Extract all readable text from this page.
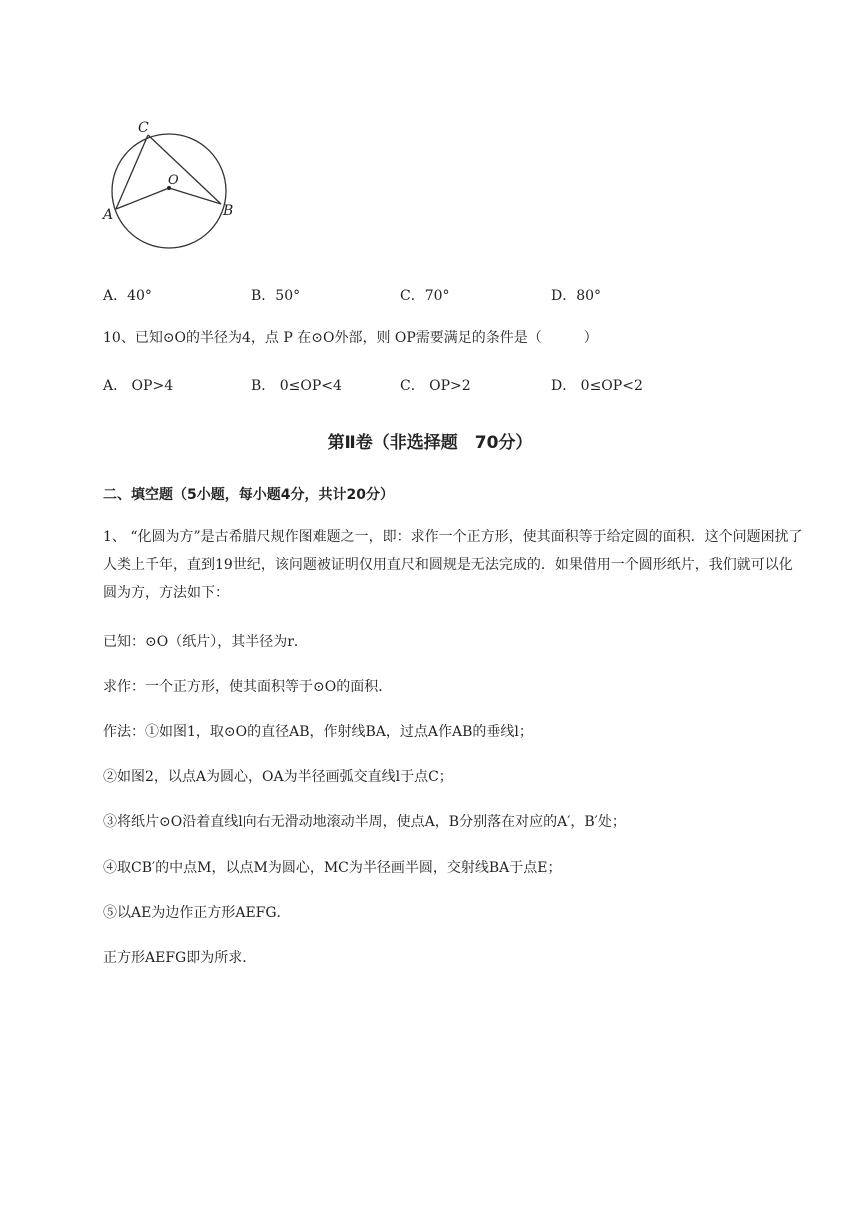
C
O
A	B
A．40°	B．50°	C．70°	D．80°
10、已知⊙O的半径为4，点 P 在⊙O外部，则 OP需要满足的条件是（　　　）
A． OP>4	B． 0≤OP<4	C． OP>2	D． 0≤OP<2
第Ⅱ卷（非选择题　70分）
二、填空题（5小题，每小题4分，共计20分）
1、 “化圆为方”是古希腊尺规作图难题之一，即：求作一个正方形，使其面积等于给定圆的面积．这个问题困扰了人类上千年，直到19世纪，该问题被证明仅用直尺和圆规是无法完成的．如果借用一个圆形纸片，我们就可以化圆为方，方法如下：
已知：⊙O（纸片），其半径为r．
求作：一个正方形，使其面积等于⊙O的面积．
作法：①如图1，取⊙O的直径AB，作射线BA，过点A作AB的垂线l；
②如图2，以点A为圆心，OA为半径画弧交直线l于点C；
③将纸片⊙O沿着直线l向右无滑动地滚动半周，使点A，B分别落在对应的A′，B′处；
④取CB′的中点M，以点M为圆心，MC为半径画半圆，交射线BA于点E；
⑤以AE为边作正方形AEFG．
正方形AEFG即为所求．
